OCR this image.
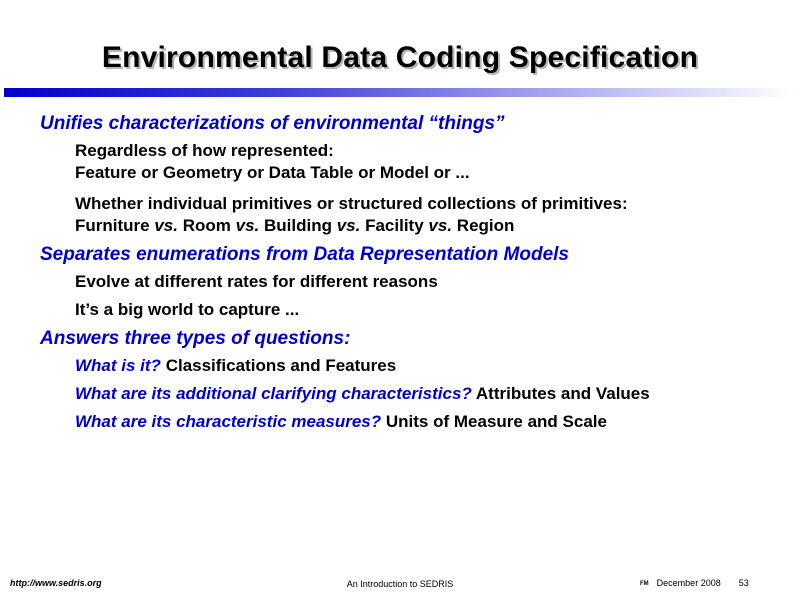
Environmental Data Coding Specification
Unifies characterizations of environmental “things”
Regardless of how represented:
Feature or Geometry or Data Table or Model or ...
Whether individual primitives or structured collections of primitives:
Furniture vs. Room vs. Building vs. Facility vs. Region
Separates enumerations from Data Representation Models
Evolve at different rates for different reasons
It’s a big world to capture ...
Answers three types of questions:
What is it? Classifications and Features
What are its additional clarifying characteristics? Attributes and Values
What are its characteristic measures? Units of Measure and Scale
http://www.sedris.org	An Introduction to SEDRIS	FM December 2008 53
